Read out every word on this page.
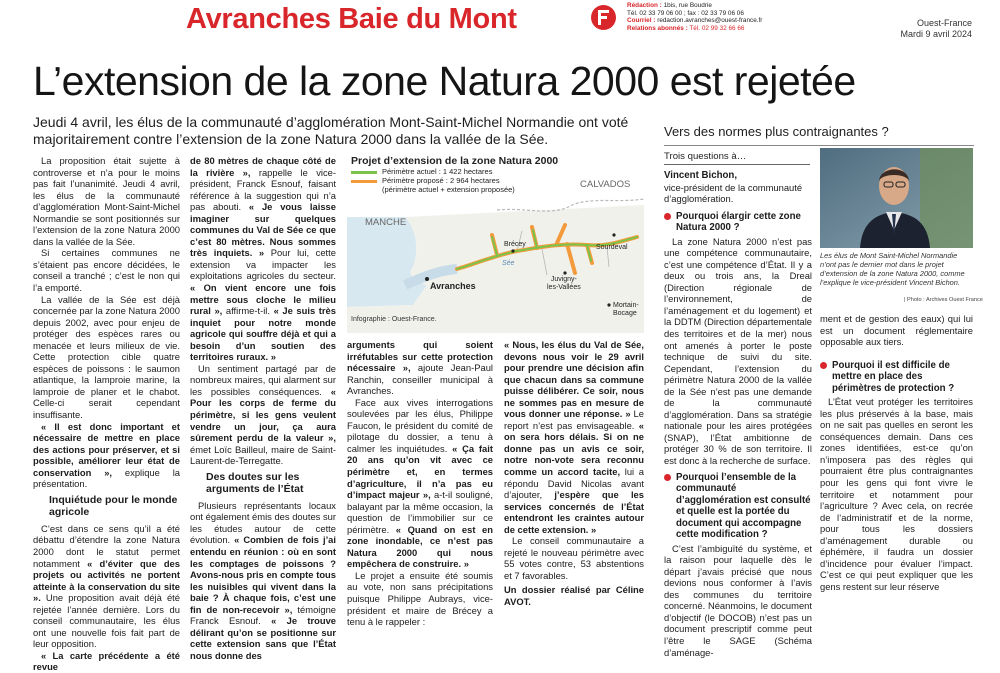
Avranches Baie du Mont	Rédaction : 1bis, rue Boudrie
Tél. 02 33 79 06 00 ; fax : 02 33 79 06 06
Courriel : redaction.avranches@ouest-france.fr
Relations abonnés : Tél. 02 99 32 66 66
Ouest-France
Mardi 9 avril 2024
L’extension de la zone Natura 2000 est rejetée
Jeudi 4 avril, les élus de la communauté d’agglomération Mont-Saint-Michel Normandie ont voté majoritairement contre l’extension de la zone Natura 2000 dans la vallée de la Sée.

La proposition était sujette à controverse et n’a pour le moins pas fait l’unanimité. Jeudi 4 avril, les élus de la communauté d’agglomération Mont-Saint-Michel Normandie se sont positionnés sur l’extension de la zone Natura 2000 dans la vallée de la Sée.

Si certaines communes ne s’étaient pas encore décidées, le conseil a tranché ; c’est le non qui l’a emporté.

La vallée de la Sée est déjà concernée par la zone Natura 2000 depuis 2002, avec pour enjeu de protéger des espèces rares ou menacée et leurs milieux de vie. Cette protection cible quatre espèces de poissons : le saumon atlantique, la lamproie marine, la lamproie de planer et le chabot. Celle-ci serait cependant insuffisante.

« Il est donc important et nécessaire de mettre en place des actions pour préserver, et si possible, améliorer leur état de conservation », explique la présentation.

Inquiétude pour le monde agricole

C’est dans ce sens qu’il a été débattu d’étendre la zone Natura 2000 dont le statut permet notamment « d’éviter que des projets ou activités ne portent atteinte à la conservation du site ». Une proposition avait déjà été rejetée l’année dernière. Lors du conseil communautaire, les élus ont une nouvelle fois fait part de leur opposition.

« La carte précédente a été revue

de 80 mètres de chaque côté de la rivière », rappelle le vice-président, Franck Esnouf, faisant référence à la suggestion qui n’a pas abouti. « Je vous laisse imaginer sur quelques communes du Val de Sée ce que c’est 80 mètres. Nous sommes très inquiets. » Pour lui, cette extension va impacter les exploitations agricoles du secteur. « On vient encore une fois mettre sous cloche le milieu rural », affirme-t-il. « Je suis très inquiet pour notre monde agricole qui souffre déjà et qui a besoin d’un soutien des territoires ruraux. »

Un sentiment partagé par de nombreux maires, qui alarment sur les possibles conséquences. « Pour les corps de ferme du périmètre, si les gens veulent vendre un jour, ça aura sûrement perdu de la valeur », émet Loïc Bailleul, maire de Saint-Laurent-de-Terregatte.

Des doutes sur les arguments de l’État

Plusieurs représentants locaux ont également émis des doutes sur les études autour de cette évolution. « Combien de fois j’ai entendu en réunion : où en sont les comptages de poissons ? Avons-nous pris en compte tous les nuisibles qui vivent dans la baie ? À chaque fois, c’est une fin de non-recevoir », témoigne Franck Esnouf. « Je trouve délirant qu’on se positionne sur cette extension sans que l’État nous donne des

Projet d’extension de la zone Natura 2000
Périmètre actuel : 1 422 hectares
Périmètre proposé : 2 964 hectares
(périmètre actuel + extension proposée)	CALVADOS
MANCHE
Avranches
Brécey	Sourdeval
Sée
Juvigny-
les-Vallées
Mortain-
Bocage
Infographie : Ouest-France.

arguments qui soient irréfutables sur cette protection nécessaire », ajoute Jean-Paul Ranchin, conseiller municipal à Avranches.

Face aux vives interrogations soulevées par les élus, Philippe Faucon, le président du comité de pilotage du dossier, a tenu à calmer les inquiétudes. « Ça fait 20 ans qu’on vit avec ce périmètre et, en termes d’agriculture, il n’a pas eu d’impact majeur », a-t-il souligné, balayant par la même occasion, la question de l’immobilier sur ce périmètre. « Quand on est en zone inondable, ce n’est pas Natura 2000 qui nous empêchera de construire. »

Le projet a ensuite été soumis au vote, non sans précipitations puisque Philippe Aubrays, vice-président et maire de Brécey a tenu à le rappeler :

« Nous, les élus du Val de Sée, devons nous voir le 29 avril pour prendre une décision afin que chacun dans sa commune puisse délibérer. Ce soir, nous ne sommes pas en mesure de vous donner une réponse. » Le report n’est pas envisageable. « on sera hors délais. Si on ne donne pas un avis ce soir, notre non-vote sera reconnu comme un accord tacite, lui a répondu David Nicolas avant d’ajouter, j’espère que les services concernés de l’État entendront les craintes autour de cette extension. »

Le conseil communautaire a rejeté le nouveau périmètre avec 55 votes contre, 53 abstentions et 7 favorables.

Un dossier réalisé par Céline AVOT.

Vers des normes plus contraignantes ?
Trois questions à…
Les élus de Mont Saint-Michel Normandie n’ont pas le dernier mot dans le projet d’extension de la zone Natura 2000, comme l’explique le vice-président Vincent Bichon.
| Photo : Archives Ouest France

Vincent Bichon,

vice-président de la communauté d’agglomération.

Pourquoi élargir cette zone Natura 2000 ?

La zone Natura 2000 n’est pas une compétence communautaire, c’est une compétence d’État. Il y a deux ou trois ans, la Dreal (Direction régionale de l’environnement, de l’aménagement et du logement) et la DDTM (Direction départementale des territoires et de la mer) nous ont amenés à porter le poste technique de suivi du site. Cependant, l’extension du périmètre Natura 2000 de la vallée de la Sée n’est pas une demande de la communauté d’agglomération. Dans sa stratégie nationale pour les aires protégées (SNAP), l’État ambitionne de protéger 30 % de son territoire. Il est donc à la recherche de surface.

Pourquoi l’ensemble de la communauté d’agglomération est consulté et quelle est la portée du document qui accompagne cette modification ?

C’est l’ambiguïté du système, et la raison pour laquelle dès le départ j’avais précisé que nous devions nous conformer à l’avis des communes du territoire concerné. Néanmoins, le document d’objectif (le DOCOB) n’est pas un document prescriptif comme peut l’être le SAGE (Schéma d’aménage-

ment et de gestion des eaux) qui lui est un document réglementaire opposable aux tiers.

Pourquoi il est difficile de mettre en place des périmètres de protection ?

L’État veut protéger les territoires les plus préservés à la base, mais on ne sait pas quelles en seront les conséquences demain. Dans ces zones identifiées, est-ce qu’on n’imposera pas des règles qui pourraient être plus contraignantes pour les gens qui font vivre le territoire et notamment pour l’agriculture ? Avec cela, on recrée de l’administratif et de la norme, pour tous les dossiers d’aménagement durable ou éphémère, il faudra un dossier d’incidence pour évaluer l’impact. C’est ce qui peut expliquer que les gens restent sur leur réserve
